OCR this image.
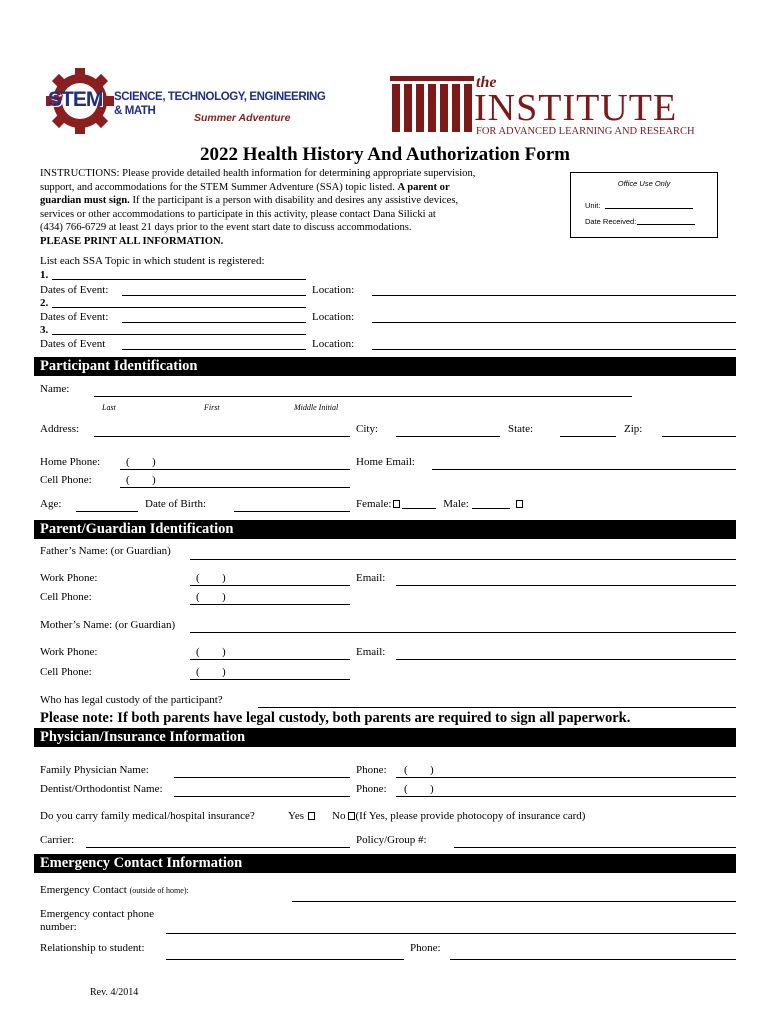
STEM SCIENCE, TECHNOLOGY, ENGINEERING & MATH
Summer Adventure
the
INSTITUTE
FOR ADVANCED LEARNING AND RESEARCH
2022 Health History And Authorization Form
INSTRUCTIONS: Please provide detailed health information for determining appropriate supervision,
support, and accommodations for the STEM Summer Adventure (SSA) topic listed. A parent or
guardian must sign. If the participant is a person with disability and desires any assistive devices,
services or other accommodations to participate in this activity, please contact Dana Silicki at
(434) 766-6729 at least 21 days prior to the event start date to discuss accommodations.
PLEASE PRINT ALL INFORMATION.
Office Use Only
Unit:
Date Received:
List each SSA Topic in which student is registered:
1.
Dates of Event:	Location:
2.
Dates of Event:	Location:
3.
Dates of Event	Location:
Participant Identification
Name:
Last	First	Middle Initial
Address:	City:	State:	Zip:
Home Phone: ( )	Home Email:
Cell Phone:	( )
Age:	Date of Birth:	Female:	Male:
Parent/Guardian Identification
Father’s Name: (or Guardian)
Work Phone:	( )	Email:
Cell Phone:	( )
Mother’s Name: (or Guardian)
Work Phone:	( )	Email:
Cell Phone:	( )
Who has legal custody of the participant?
Please note: If both parents have legal custody, both parents are required to sign all paperwork.
Physician/Insurance Information
Family Physician Name:	Phone: ( )
Dentist/Orthodontist Name:	Phone: ( )
Do you carry family medical/hospital insurance?	Yes	No (If Yes, please provide photocopy of insurance card)
Carrier:	Policy/Group #:
Emergency Contact Information
Emergency Contact (outside of home):
Emergency contact phone
number:
Relationship to student:	Phone:
Rev. 4/2014
